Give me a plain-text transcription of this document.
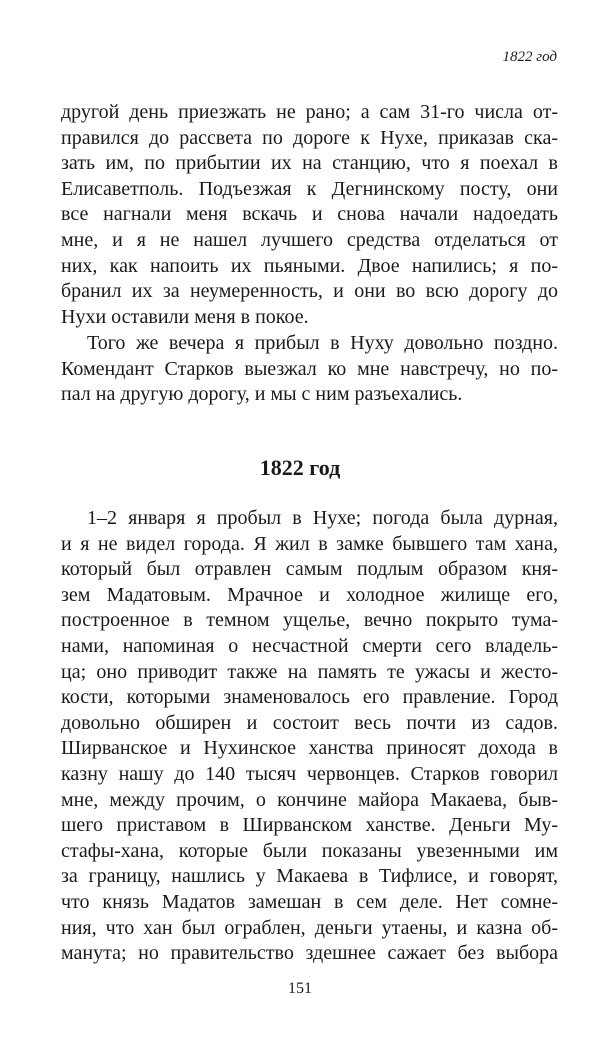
1822 год
другой день приезжать не рано; а сам 31-го числа от-
правился до рассвета по дороге к Нухе, приказав ска-
зать им, по прибытии их на станцию, что я поехал в
Елисаветполь. Подъезжая к Дегнинскому посту, они
все нагнали меня вскачь и снова начали надоедать
мне, и я не нашел лучшего средства отделаться от
них, как напоить их пьяными. Двое напились; я по-
бранил их за неумеренность, и они во всю дорогу до
Нухи оставили меня в покое.
Того же вечера я прибыл в Нуху довольно поздно.
Комендант Старков выезжал ко мне навстречу, но по-
пал на другую дорогу, и мы с ним разъехались.
1822 год
1–2 января я пробыл в Нухе; погода была дурная,
и я не видел города. Я жил в замке бывшего там хана,
который был отравлен самым подлым образом кня-
зем Мадатовым. Мрачное и холодное жилище его,
построенное в темном ущелье, вечно покрыто тума-
нами, напоминая о несчастной смерти сего владель-
ца; оно приводит также на память те ужасы и жесто-
кости, которыми знаменовалось его правление. Город
довольно обширен и состоит весь почти из садов.
Ширванское и Нухинское ханства приносят дохода в
казну нашу до 140 тысяч червонцев. Старков говорил
мне, между прочим, о кончине майора Макаева, быв-
шего приставом в Ширванском ханстве. Деньги Му-
стафы-хана, которые были показаны увезенными им
за границу, нашлись у Макаева в Тифлисе, и говорят,
что князь Мадатов замешан в сем деле. Нет сомне-
ния, что хан был ограблен, деньги утаены, и казна об-
манута; но правительство здешнее сажает без выбора
151
